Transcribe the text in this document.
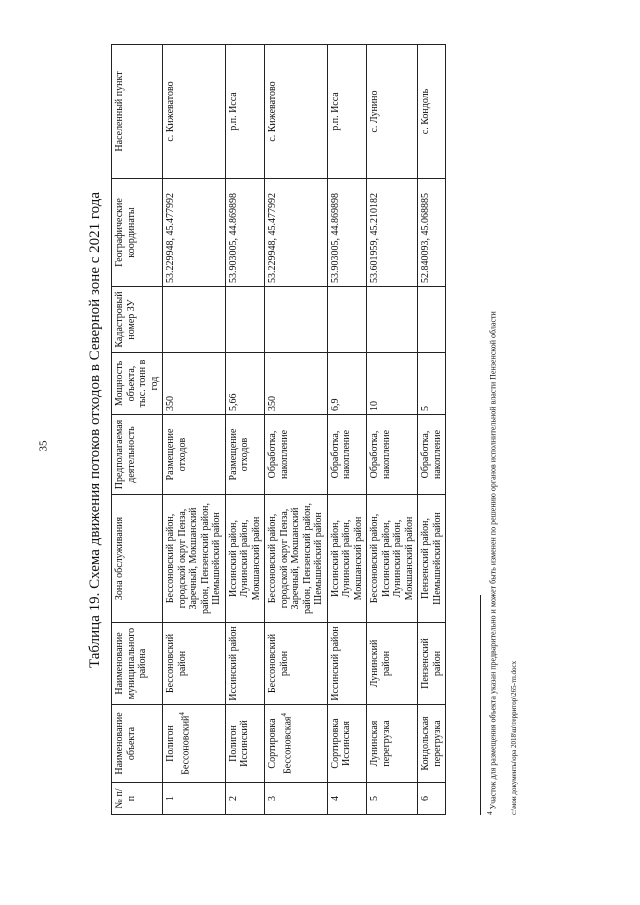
35	Таблица 19. Схема движения потоков отходов в Северной зоне с 2021 года
№ п/п	Наименование объекта	Наименование муниципального района	Зона обслуживания	Предполагаемая деятельность	Мощность объекта, тыс. тонн в год	Кадастровый номер ЗУ	Географические координаты	Населенный пункт
1	Полигон Бессоновский$^4$	Бессоновский район	Бессоновский район, городской округ Пенза, Заречный, Мокшанский район, Пензенский район, Шемышейский район	Размещение отходов	350		53.229948, 45.477992	с. Кижеватово
2	Полигон Иссинский	Иссинский район	Иссинский район, Лунинский район, Мокшанский район	Размещение отходов	5,66		53.903005, 44.869898	р.п. Исса
3	Сортировка Бессоновская$^4$	Бессоновский район	Бессоновский район, городской округ Пенза, Заречный, Мокшанский район, Пензенский район, Шемышейский район	Обработка, накопление	350		53.229948, 45.477992	с. Кижеватово
4	Сортировка Иссинская	Иссинский район	Иссинский район, Лунинский район, Мокшанский район	Обработка, накопление	6,9		53.903005, 44.869898	р.п. Исса
5	Лунинская перегрузка	Лунинский район	Бессоновский район, Иссинский район, Лунинский район, Мокшанский район	Обработка, накопление	10		53.601959, 45.210182	с. Лунино
6	Кондольская перегрузка	Пензенский район	Пензенский район, Шемышейский район	Обработка, накопление	5		52.840093, 45.068885	с. Кондоль
$^4$ Участок для размещения объекта указан предварительно и может быть изменен по решению органов исполнительной власти Пензенской области c:\мои документы\ора 2018\ш\территор\265-тп.docx
